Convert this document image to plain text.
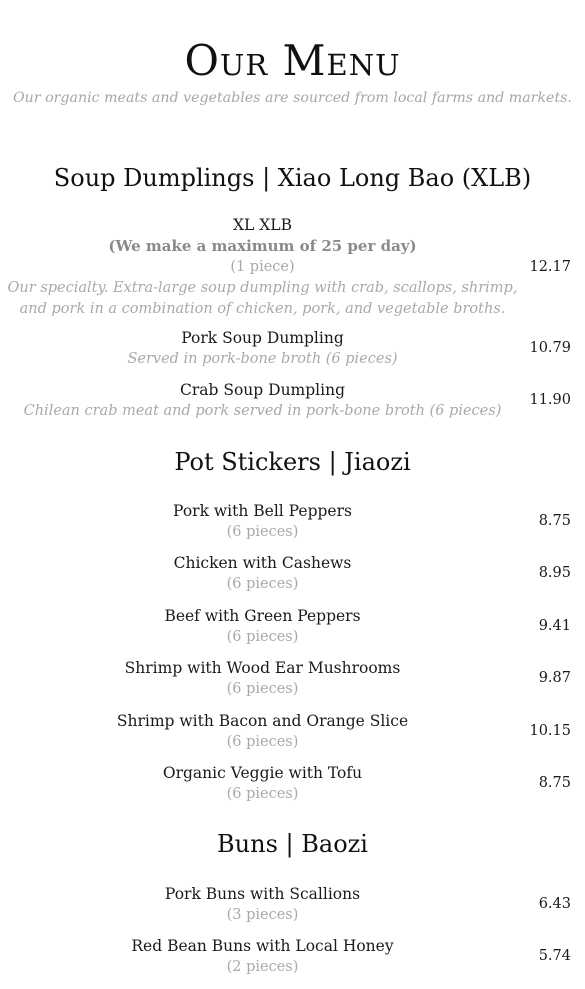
Our Menu
Our organic meats and vegetables are sourced from local farms and markets.
Soup Dumplings | Xiao Long Bao (XLB)
XL XLB
(We make a maximum of 25 per day)
(1 piece)
Our specialty. Extra-large soup dumpling with crab, scallops, shrimp, and pork in a combination of chicken, pork, and vegetable broths.
12.17
Pork Soup Dumpling
Served in pork-bone broth (6 pieces)
10.79
Crab Soup Dumpling
Chilean crab meat and pork served in pork-bone broth (6 pieces)
11.90
Pot Stickers | Jiaozi
Pork with Bell Peppers
(6 pieces)
8.75
Chicken with Cashews
(6 pieces)
8.95
Beef with Green Peppers
(6 pieces)
9.41
Shrimp with Wood Ear Mushrooms
(6 pieces)
9.87
Shrimp with Bacon and Orange Slice
(6 pieces)
10.15
Organic Veggie with Tofu
(6 pieces)
8.75
Buns | Baozi
Pork Buns with Scallions
(3 pieces)
6.43
Red Bean Buns with Local Honey
(2 pieces)
5.74
